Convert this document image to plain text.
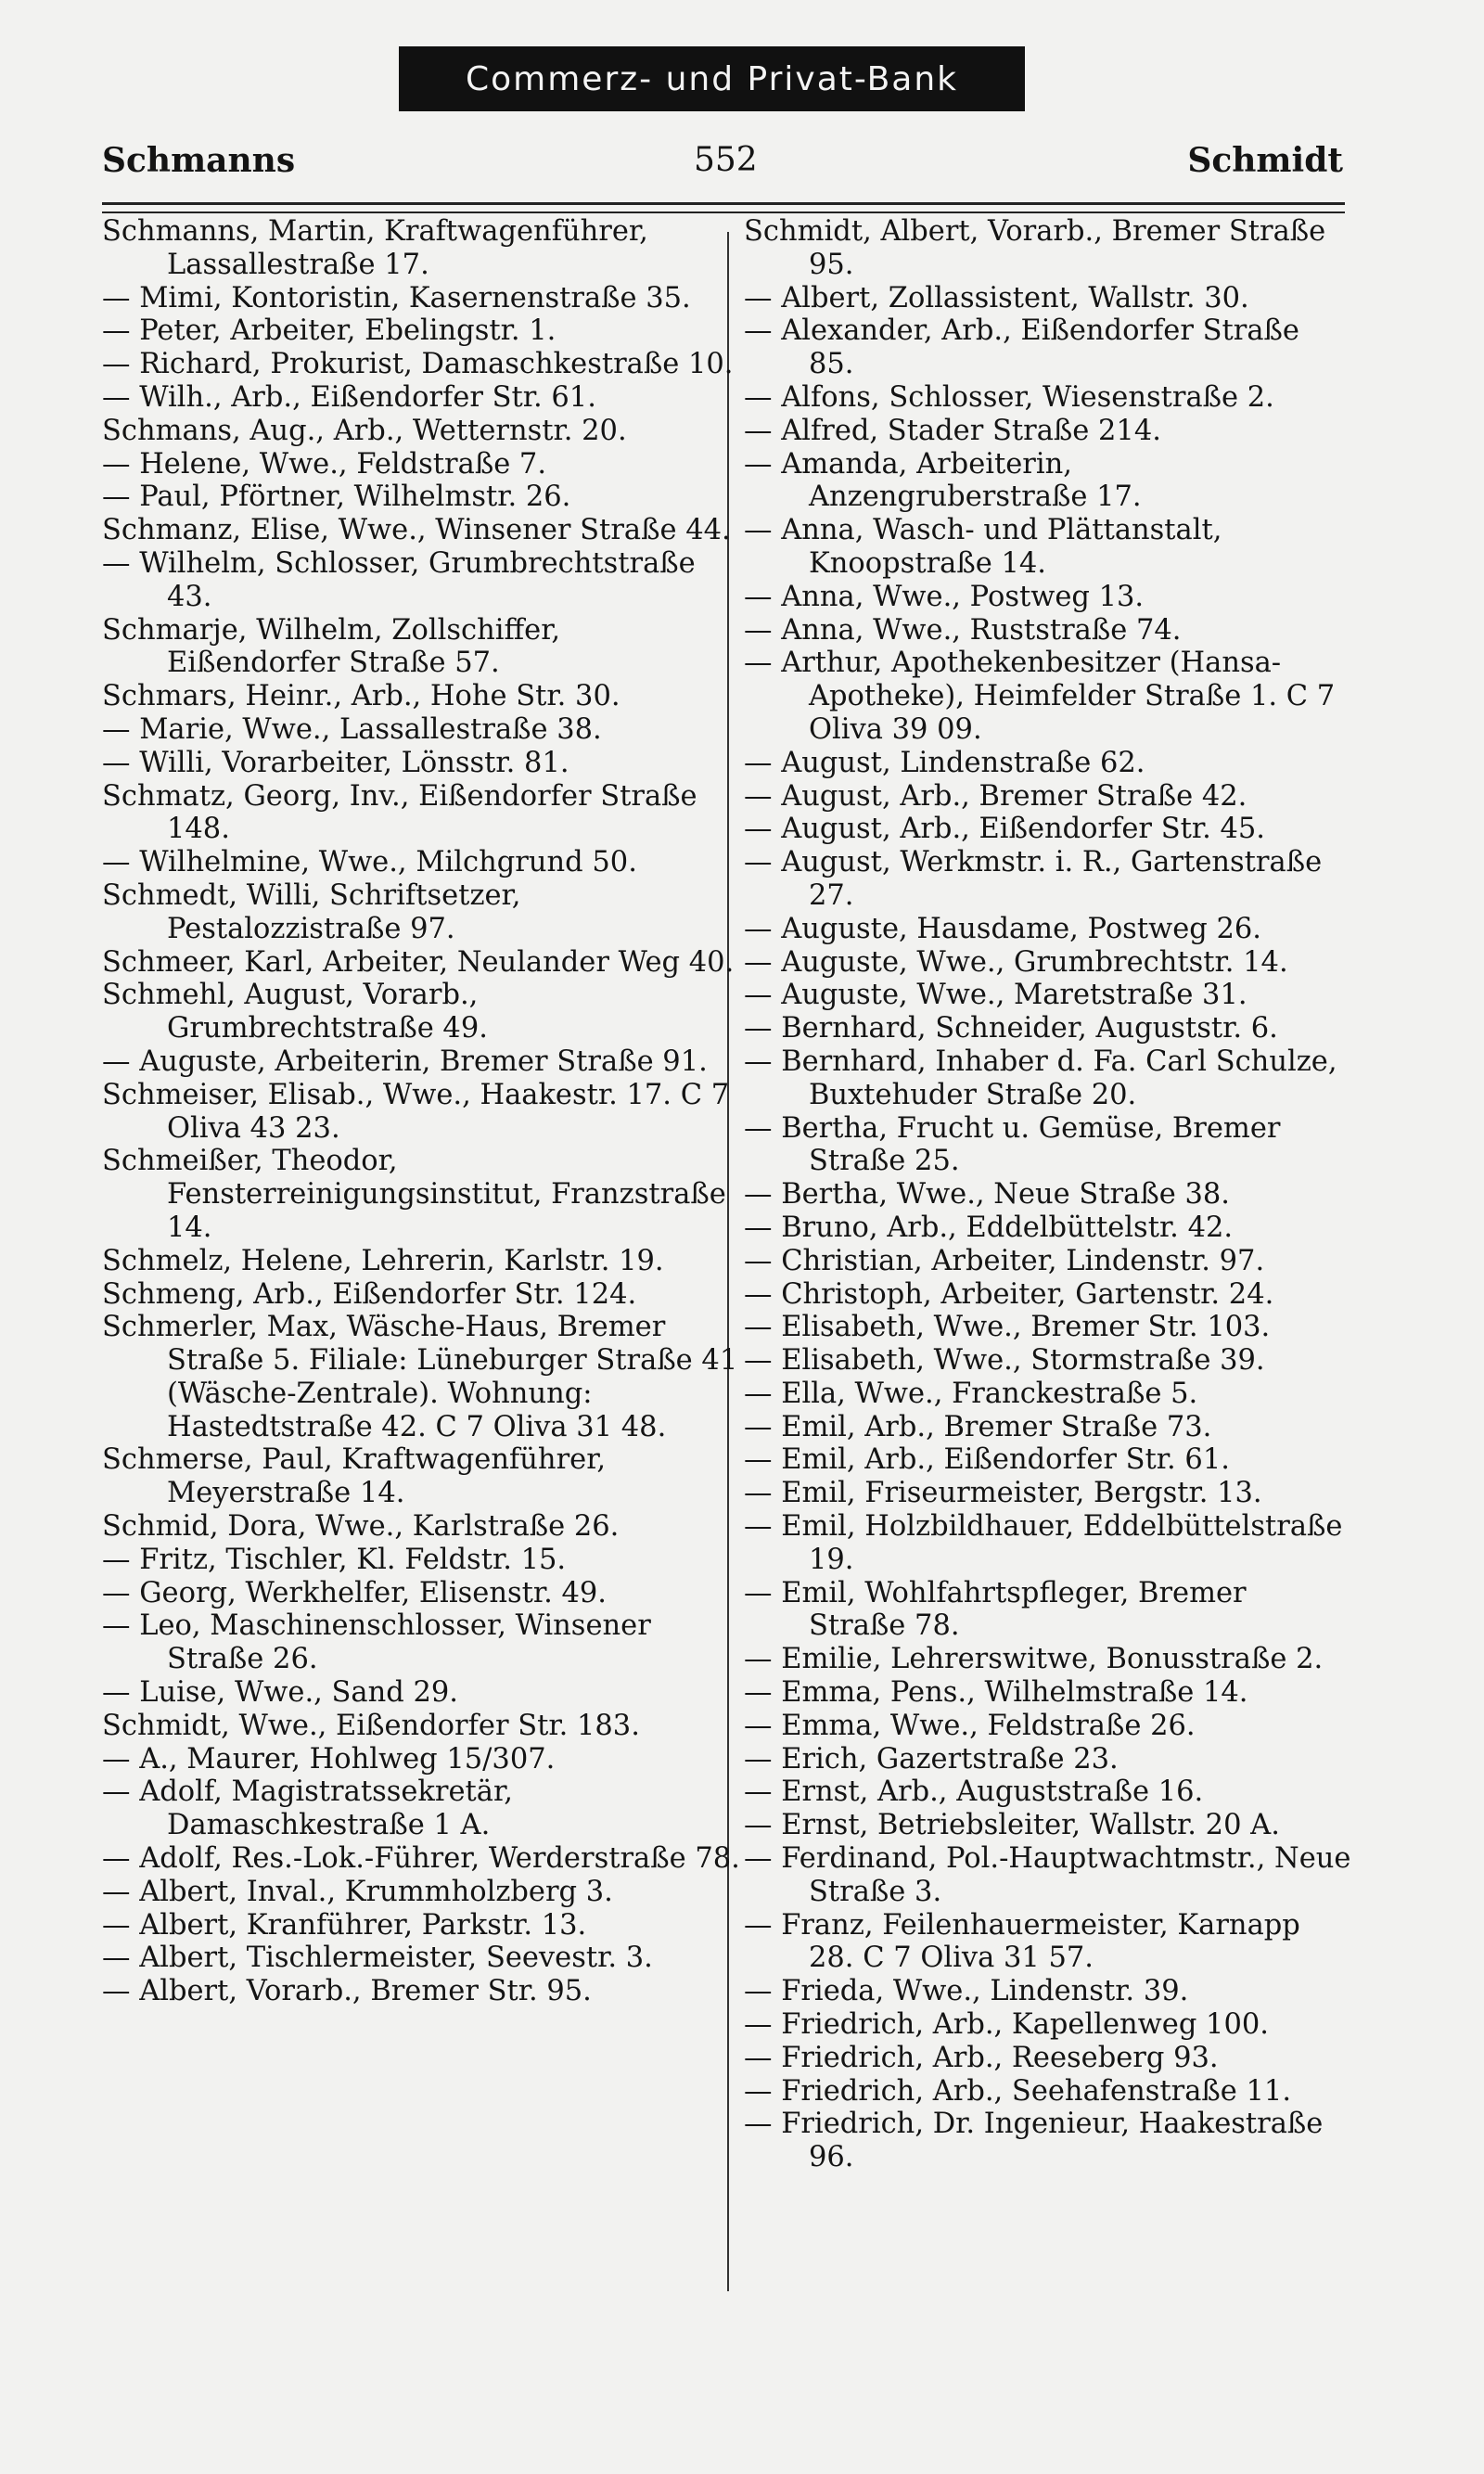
Commerz- und Privat-Bank
Schmanns	552	Schmidt
Schmanns, Martin, Kraftwagenführer, Lassallestraße 17.
— Mimi, Kontoristin, Kasernenstraße 35.
— Peter, Arbeiter, Ebelingstr. 1.
— Richard, Prokurist, Damaschkestraße 10.
— Wilh., Arb., Eißendorfer Str. 61.
Schmans, Aug., Arb., Wetternstr. 20.
— Helene, Wwe., Feldstraße 7.
— Paul, Pförtner, Wilhelmstr. 26.
Schmanz, Elise, Wwe., Winsener Straße 44.
— Wilhelm, Schlosser, Grumbrechtstraße 43.
Schmarje, Wilhelm, Zollschiffer, Eißendorfer Straße 57.
Schmars, Heinr., Arb., Hohe Str. 30.
— Marie, Wwe., Lassallestraße 38.
— Willi, Vorarbeiter, Lönsstr. 81.
Schmatz, Georg, Inv., Eißendorfer Straße 148.
— Wilhelmine, Wwe., Milchgrund 50.
Schmedt, Willi, Schriftsetzer, Pestalozzistraße 97.
Schmeer, Karl, Arbeiter, Neulander Weg 40.
Schmehl, August, Vorarb., Grumbrechtstraße 49.
— Auguste, Arbeiterin, Bremer Straße 91.
Schmeiser, Elisab., Wwe., Haakestr. 17. C 7 Oliva 43 23.
Schmeißer, Theodor, Fensterreinigungsinstitut, Franzstraße 14.
Schmelz, Helene, Lehrerin, Karlstr. 19.
Schmeng, Arb., Eißendorfer Str. 124.
Schmerler, Max, Wäsche-Haus, Bremer Straße 5. Filiale: Lüneburger Straße 41 (Wäsche-Zentrale). Wohnung: Hastedtstraße 42. C 7 Oliva 31 48.
Schmerse, Paul, Kraftwagenführer, Meyerstraße 14.
Schmid, Dora, Wwe., Karlstraße 26.
— Fritz, Tischler, Kl. Feldstr. 15.
— Georg, Werkhelfer, Elisenstr. 49.
— Leo, Maschinenschlosser, Winsener Straße 26.
— Luise, Wwe., Sand 29.
Schmidt, Wwe., Eißendorfer Str. 183.
— A., Maurer, Hohlweg 15/307.
— Adolf, Magistratssekretär, Damaschkestraße 1 A.
— Adolf, Res.-Lok.-Führer, Werderstraße 78.
— Albert, Inval., Krummholzberg 3.
— Albert, Kranführer, Parkstr. 13.
— Albert, Tischlermeister, Seevestr. 3.
— Albert, Vorarb., Bremer Str. 95.
Schmidt, Albert, Vorarb., Bremer Straße 95.
— Albert, Zollassistent, Wallstr. 30.
— Alexander, Arb., Eißendorfer Straße 85.
— Alfons, Schlosser, Wiesenstraße 2.
— Alfred, Stader Straße 214.
— Amanda, Arbeiterin, Anzengruberstraße 17.
— Anna, Wasch- und Plättanstalt, Knoopstraße 14.
— Anna, Wwe., Postweg 13.
— Anna, Wwe., Ruststraße 74.
— Arthur, Apothekenbesitzer (Hansa-Apotheke), Heimfelder Straße 1. C 7 Oliva 39 09.
— August, Lindenstraße 62.
— August, Arb., Bremer Straße 42.
— August, Arb., Eißendorfer Str. 45.
— August, Werkmstr. i. R., Gartenstraße 27.
— Auguste, Hausdame, Postweg 26.
— Auguste, Wwe., Grumbrechtstr. 14.
— Auguste, Wwe., Maretstraße 31.
— Bernhard, Schneider, Auguststr. 6.
— Bernhard, Inhaber d. Fa. Carl Schulze, Buxtehuder Straße 20.
— Bertha, Frucht u. Gemüse, Bremer Straße 25.
— Bertha, Wwe., Neue Straße 38.
— Bruno, Arb., Eddelbüttelstr. 42.
— Christian, Arbeiter, Lindenstr. 97.
— Christoph, Arbeiter, Gartenstr. 24.
— Elisabeth, Wwe., Bremer Str. 103.
— Elisabeth, Wwe., Stormstraße 39.
— Ella, Wwe., Franckestraße 5.
— Emil, Arb., Bremer Straße 73.
— Emil, Arb., Eißendorfer Str. 61.
— Emil, Friseurmeister, Bergstr. 13.
— Emil, Holzbildhauer, Eddelbüttelstraße 19.
— Emil, Wohlfahrtspfleger, Bremer Straße 78.
— Emilie, Lehrerswitwe, Bonusstraße 2.
— Emma, Pens., Wilhelmstraße 14.
— Emma, Wwe., Feldstraße 26.
— Erich, Gazertstraße 23.
— Ernst, Arb., Auguststraße 16.
— Ernst, Betriebsleiter, Wallstr. 20 A.
— Ferdinand, Pol.-Hauptwachtmstr., Neue Straße 3.
— Franz, Feilenhauermeister, Karnapp 28. C 7 Oliva 31 57.
— Frieda, Wwe., Lindenstr. 39.
— Friedrich, Arb., Kapellenweg 100.
— Friedrich, Arb., Reeseberg 93.
— Friedrich, Arb., Seehafenstraße 11.
— Friedrich, Dr. Ingenieur, Haakestraße 96.
